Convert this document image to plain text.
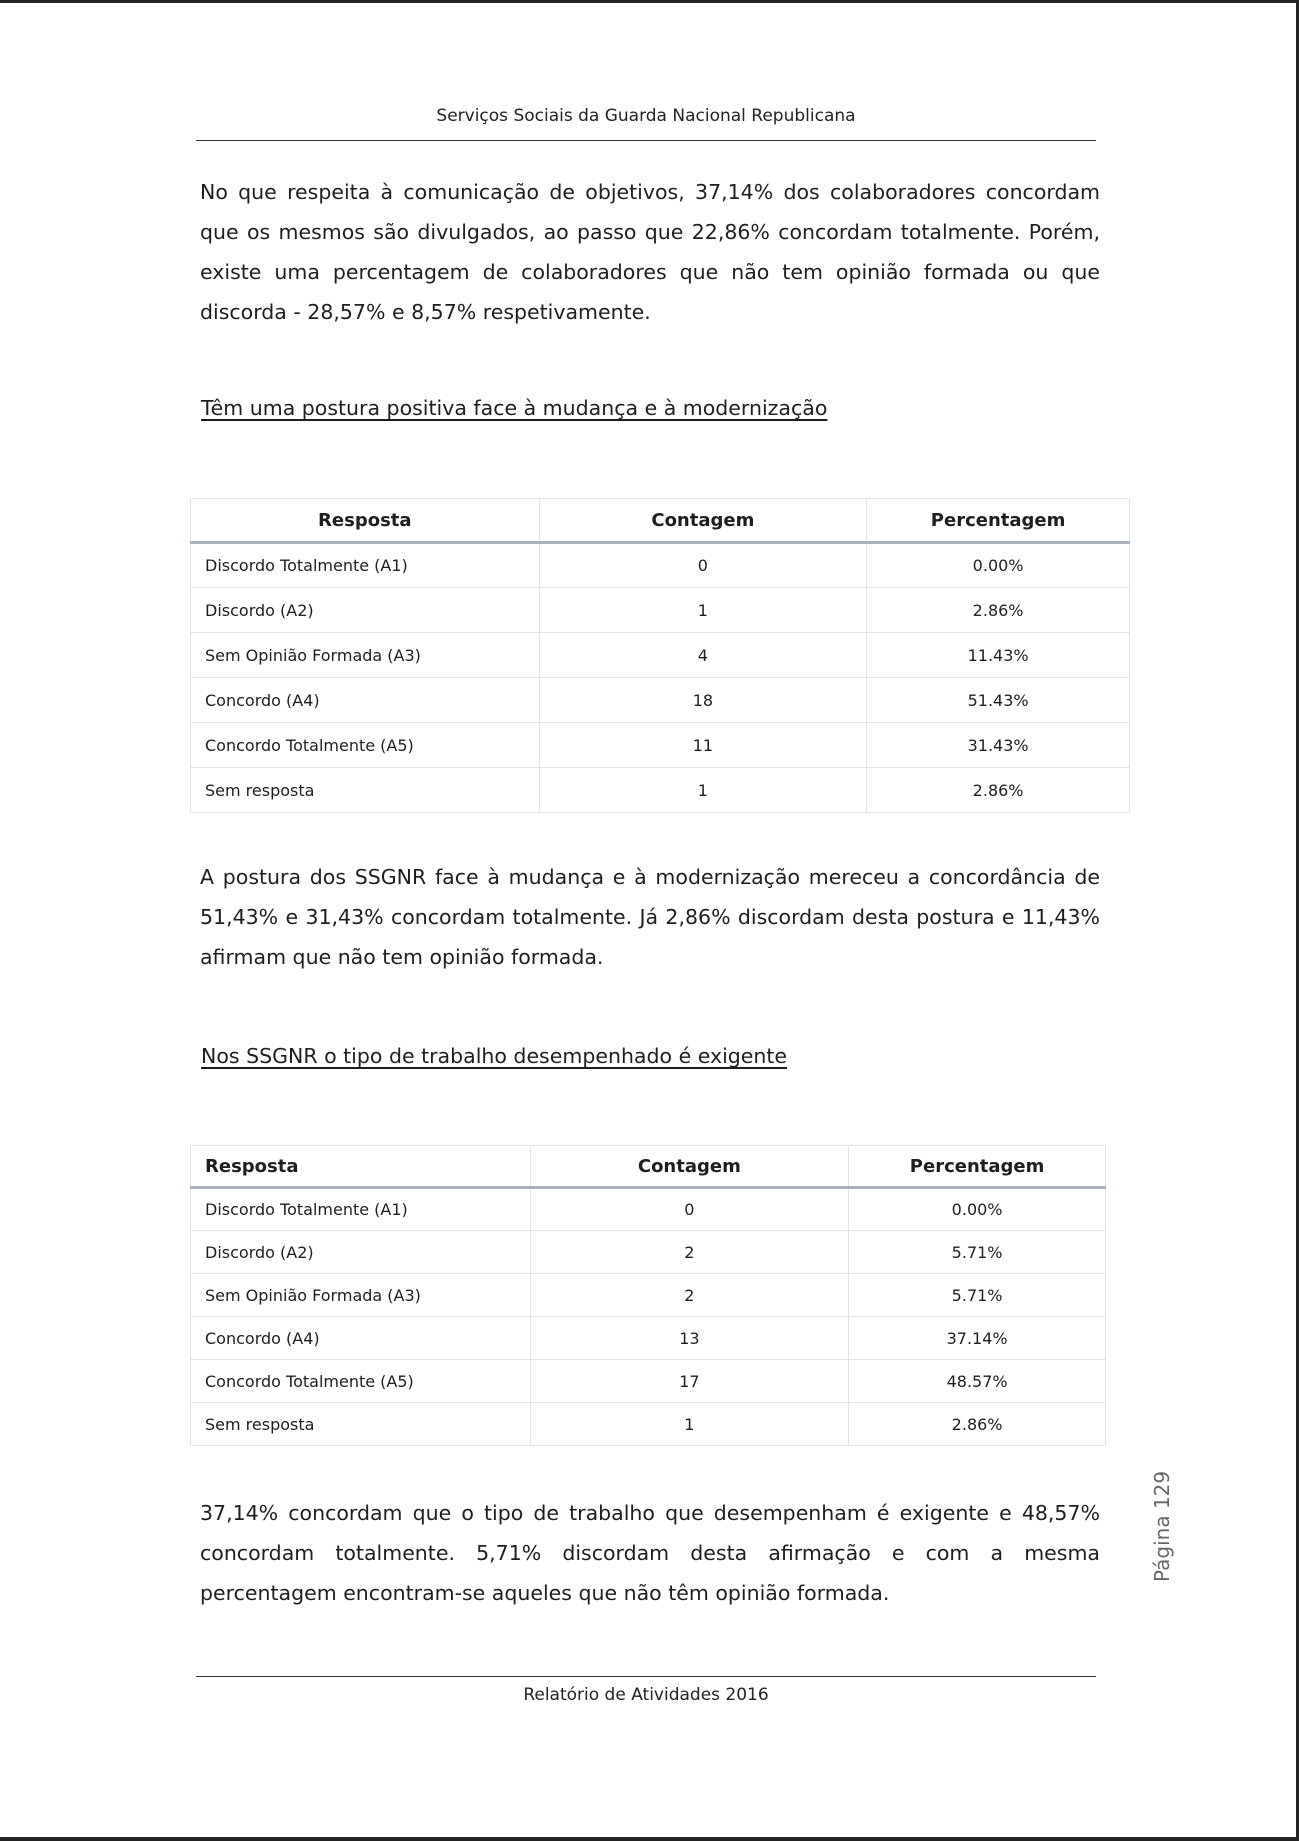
Serviços Sociais da Guarda Nacional Republicana

No que respeita à comunicação de objetivos, 37,14% dos colaboradores concordam que os mesmos são divulgados, ao passo que 22,86% concordam totalmente. Porém, existe uma percentagem de colaboradores que não tem opinião formada ou que discorda - 28,57% e 8,57% respetivamente.

Têm uma postura positiva face à mudança e à modernização
Resposta	Contagem	Percentagem
Discordo Totalmente (A1)	0	0.00%
Discordo (A2)	1	2.86%
Sem Opinião Formada (A3)	4	11.43%
Concordo (A4)	18	51.43%
Concordo Totalmente (A5)	11	31.43%
Sem resposta	1	2.86%

A postura dos SSGNR face à mudança e à modernização mereceu a concordância de 51,43% e 31,43% concordam totalmente. Já 2,86% discordam desta postura e 11,43% afirmam que não tem opinião formada.

Nos SSGNR o tipo de trabalho desempenhado é exigente
Resposta	Contagem	Percentagem
Discordo Totalmente (A1)	0	0.00%
Discordo (A2)	2	5.71%
Sem Opinião Formada (A3)	2	5.71%
Concordo (A4)	13	37.14%
Concordo Totalmente (A5)	17	48.57%
Sem resposta	1	2.86%

37,14% concordam que o tipo de trabalho que desempenham é exigente e 48,57% concordam totalmente. 5,71% discordam desta afirmação e com a mesma percentagem encontram-se aqueles que não têm opinião formada.

Página 129
Relatório de Atividades 2016
